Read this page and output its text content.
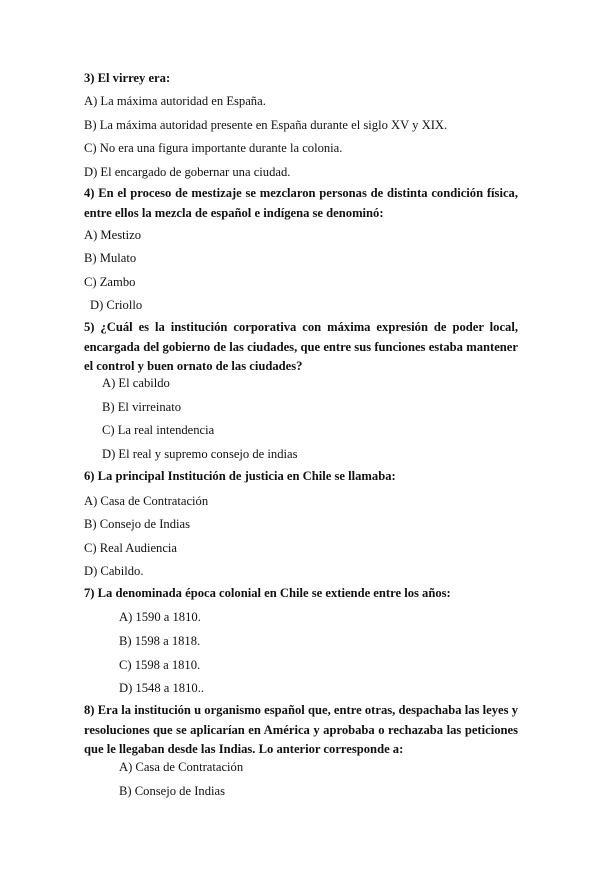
3) El virrey era:

A) La máxima autoridad en España.

B) La máxima autoridad presente en España durante el siglo XV y XIX.

C) No era una figura importante durante la colonia.

D) El encargado de gobernar una ciudad.

4) En el proceso de mestizaje se mezclaron personas de distinta condición física, entre ellos la mezcla de español e indígena se denominó:

A) Mestizo

B) Mulato

C) Zambo

D) Criollo

5) ¿Cuál es la institución corporativa con máxima expresión de poder local, encargada del gobierno de las ciudades, que entre sus funciones estaba mantener el control y buen ornato de las ciudades?

A) El cabildo

B) El virreinato

C) La real intendencia

D) El real y supremo consejo de indias

6) La principal Institución de justicia en Chile se llamaba:

A) Casa de Contratación

B) Consejo de Indias

C) Real Audiencia

D) Cabildo.

7) La denominada época colonial en Chile se extiende entre los años:

A) 1590 a 1810.

B) 1598 a 1818.

C) 1598 a 1810.

D) 1548 a 1810..

8) Era la institución u organismo español que, entre otras, despachaba las leyes y resoluciones que se aplicarían en América y aprobaba o rechazaba las peticiones que le llegaban desde las Indias. Lo anterior corresponde a:

A) Casa de Contratación

B) Consejo de Indias
